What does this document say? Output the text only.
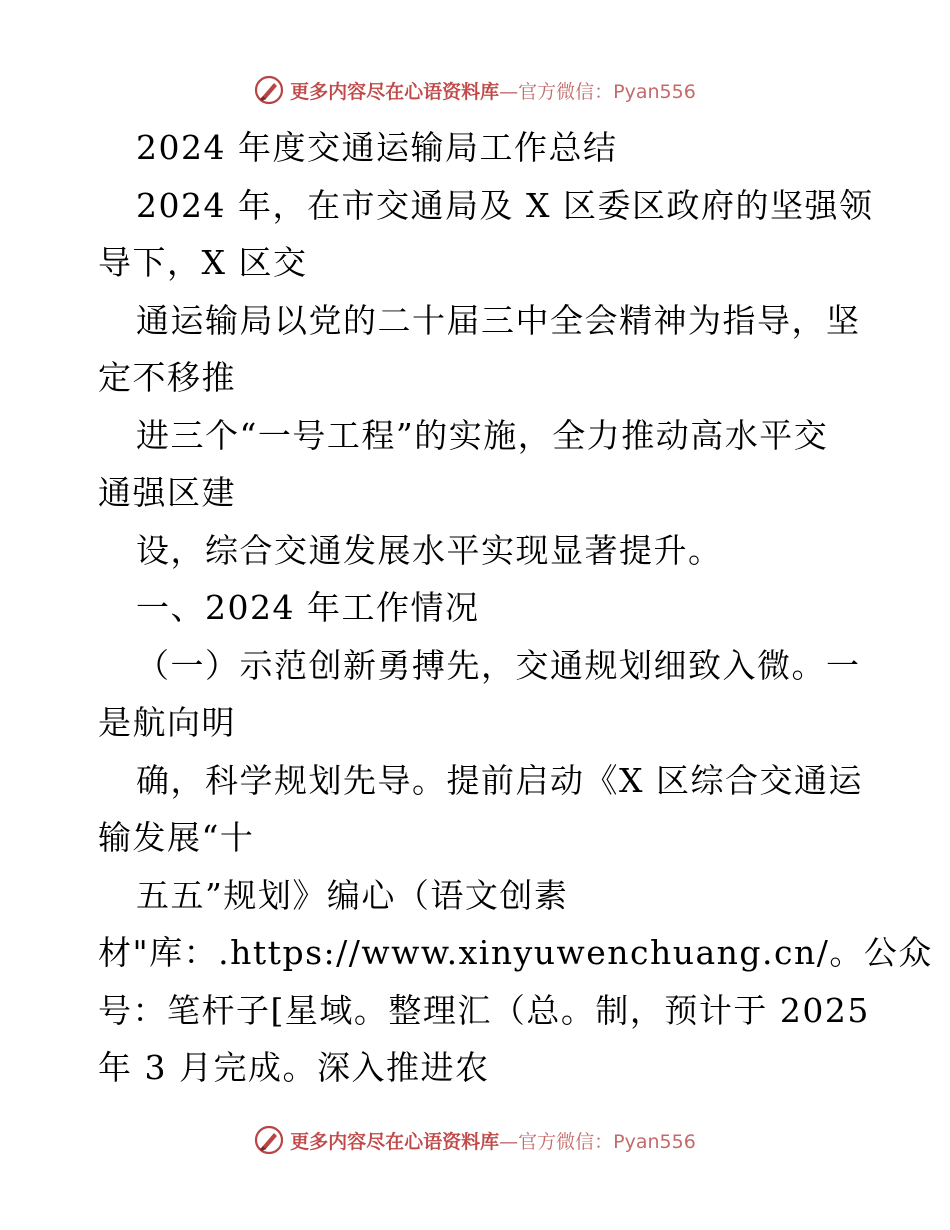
更多内容尽在心语资料库—官方微信：Pyan556
2024 年度交通运输局工作总结
2024 年，在市交通局及 X 区委区政府的坚强领
导下，X 区交
通运输局以党的二十届三中全会精神为指导，坚
定不移推
进三个“一号工程”的实施，全力推动高水平交
通强区建
设，综合交通发展水平实现显著提升。
一、2024 年工作情况
（一）示范创新勇搏先，交通规划细致入微。一
是航向明
确，科学规划先导。提前启动《X 区综合交通运
输发展“十
五五”规划》编心（语文创素
材"库：.https://www.xinyuwenchuang.cn/。公众
号：笔杆子[星域。整理汇（总。制，预计于 2025
年 3 月完成。深入推进农
更多内容尽在心语资料库—官方微信：Pyan556
